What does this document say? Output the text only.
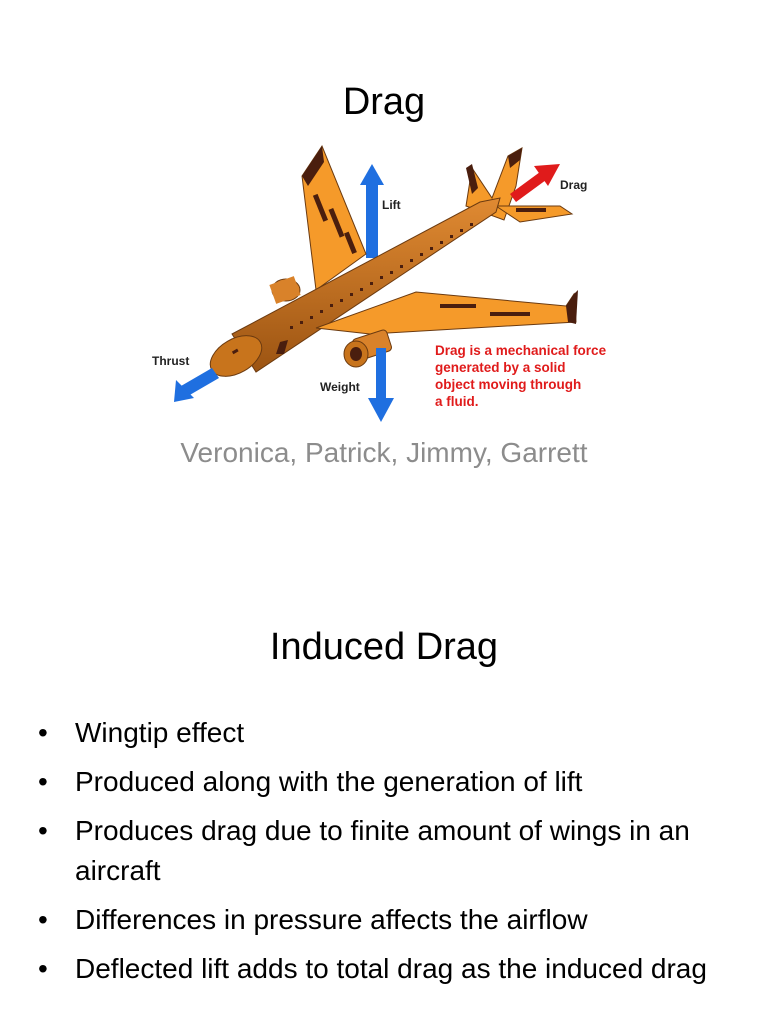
Drag
Lift
Drag
Thrust
Weight
Drag is a mechanical force
generated by a solid
object moving through
a fluid.
Veronica, Patrick, Jimmy, Garrett
Induced Drag
• Wingtip effect
• Produced along with the generation of lift
• Produces drag due to finite amount of wings in an aircraft
• Differences in pressure affects the airflow
• Deflected lift adds to total drag as the induced drag
